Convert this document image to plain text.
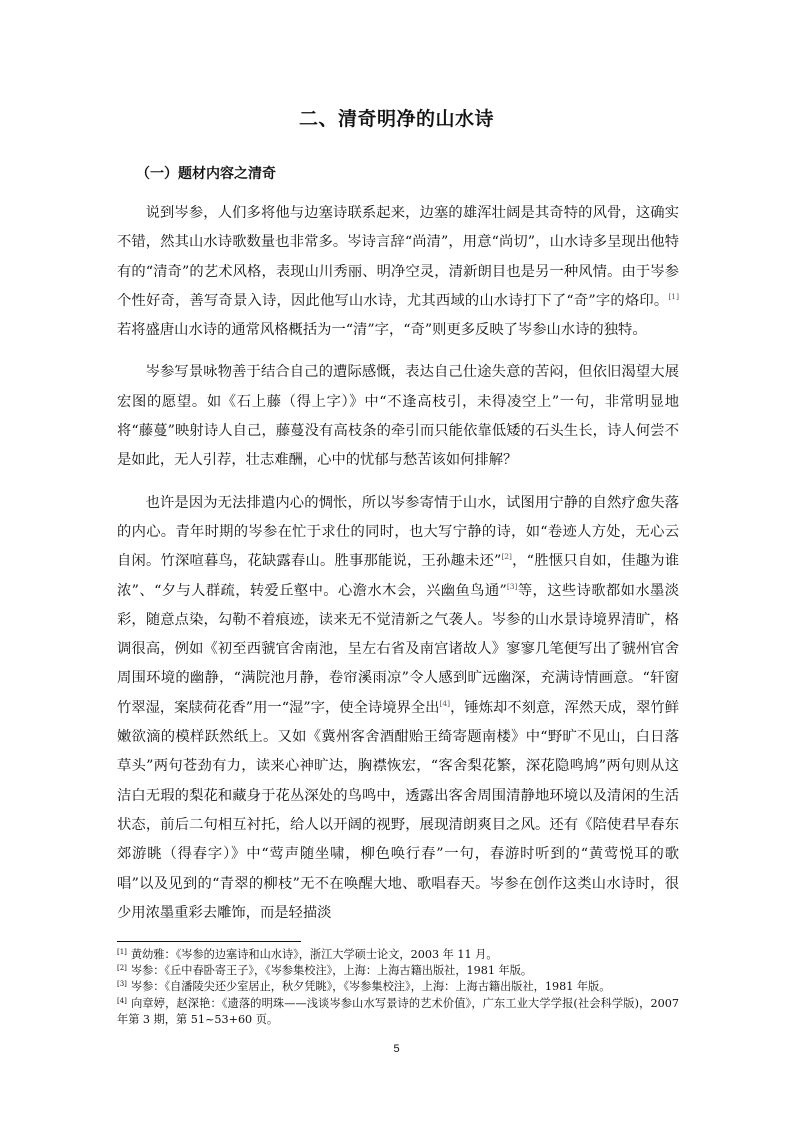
二、清奇明净的山水诗
（一）题材内容之清奇

说到岑参，人们多将他与边塞诗联系起来，边塞的雄浑壮阔是其奇特的风骨，这确实不错，然其山水诗歌数量也非常多。岑诗言辞“尚清”，用意“尚切”，山水诗多呈现出他特有的“清奇”的艺术风格，表现山川秀丽、明净空灵，清新朗目也是另一种风情。由于岑参个性好奇，善写奇景入诗，因此他写山水诗，尤其西域的山水诗打下了“奇”字的烙印。[1]若将盛唐山水诗的通常风格概括为一“清”字，“奇”则更多反映了岑参山水诗的独特。

岑参写景咏物善于结合自己的遭际感慨，表达自己仕途失意的苦闷，但依旧渴望大展宏图的愿望。如《石上藤（得上字）》中“不逢高枝引，未得凌空上”一句，非常明显地将“藤蔓”映射诗人自己，藤蔓没有高枝条的牵引而只能依靠低矮的石头生长，诗人何尝不是如此，无人引荐，壮志难酬，心中的忧郁与愁苦该如何排解？

也许是因为无法排遣内心的惆怅，所以岑参寄情于山水，试图用宁静的自然疗愈失落的内心。青年时期的岑参在忙于求仕的同时，也大写宁静的诗，如“卷迹人方处，无心云自闲。竹深喧暮鸟，花缺露春山。胜事那能说，王孙趣未还”[2]，“胜惬只自如，佳趣为谁浓”、“夕与人群疏，转爱丘壑中。心澹水木会，兴幽鱼鸟通”[3]等，这些诗歌都如水墨淡彩，随意点染，勾勒不着痕迹，读来无不觉清新之气袭人。岑参的山水景诗境界清旷，格调很高，例如《初至西虢官舍南池，呈左右省及南宫诸故人》寥寥几笔便写出了虢州官舍周围环境的幽静，“满院池月静，卷帘溪雨凉”令人感到旷远幽深，充满诗情画意。“轩窗竹翠湿，案牍荷花香”用一“湿”字，使全诗境界全出[4]，锤炼却不刻意，浑然天成，翠竹鲜嫩欲滴的模样跃然纸上。又如《冀州客舍酒酣贻王绮寄题南楼》中“野旷不见山，白日落草头”两句苍劲有力，读来心神旷达，胸襟恢宏，“客舍梨花繁，深花隐鸣鸠”两句则从这洁白无瑕的梨花和藏身于花丛深处的鸟鸣中，透露出客舍周围清静地环境以及清闲的生活状态，前后二句相互衬托，给人以开阔的视野，展现清朗爽目之风。还有《陪使君早春东郊游眺（得春字）》中“莺声随坐啸，柳色唤行春”一句，春游时听到的“黄莺悦耳的歌唱”以及见到的“青翠的柳枝”无不在唤醒大地、歌唱春天。岑参在创作这类山水诗时，很少用浓墨重彩去雕饰，而是轻描淡

[1] 黄幼雅：《岑参的边塞诗和山水诗》，浙江大学硕士论文，2003 年 11 月。

[2] 岑参：《丘中春卧寄王子》，《岑参集校注》，上海：上海古籍出版社，1981 年版。

[3] 岑参：《自潘陵尖还少室居止，秋夕凭眺》，《岑参集校注》，上海：上海古籍出版社，1981 年版。

[4] 向章婷，赵深艳：《遗落的明珠——浅谈岑参山水写景诗的艺术价值》，广东工业大学学报(社会科学版)，2007 年第 3 期，第 51~53+60 页。

5
